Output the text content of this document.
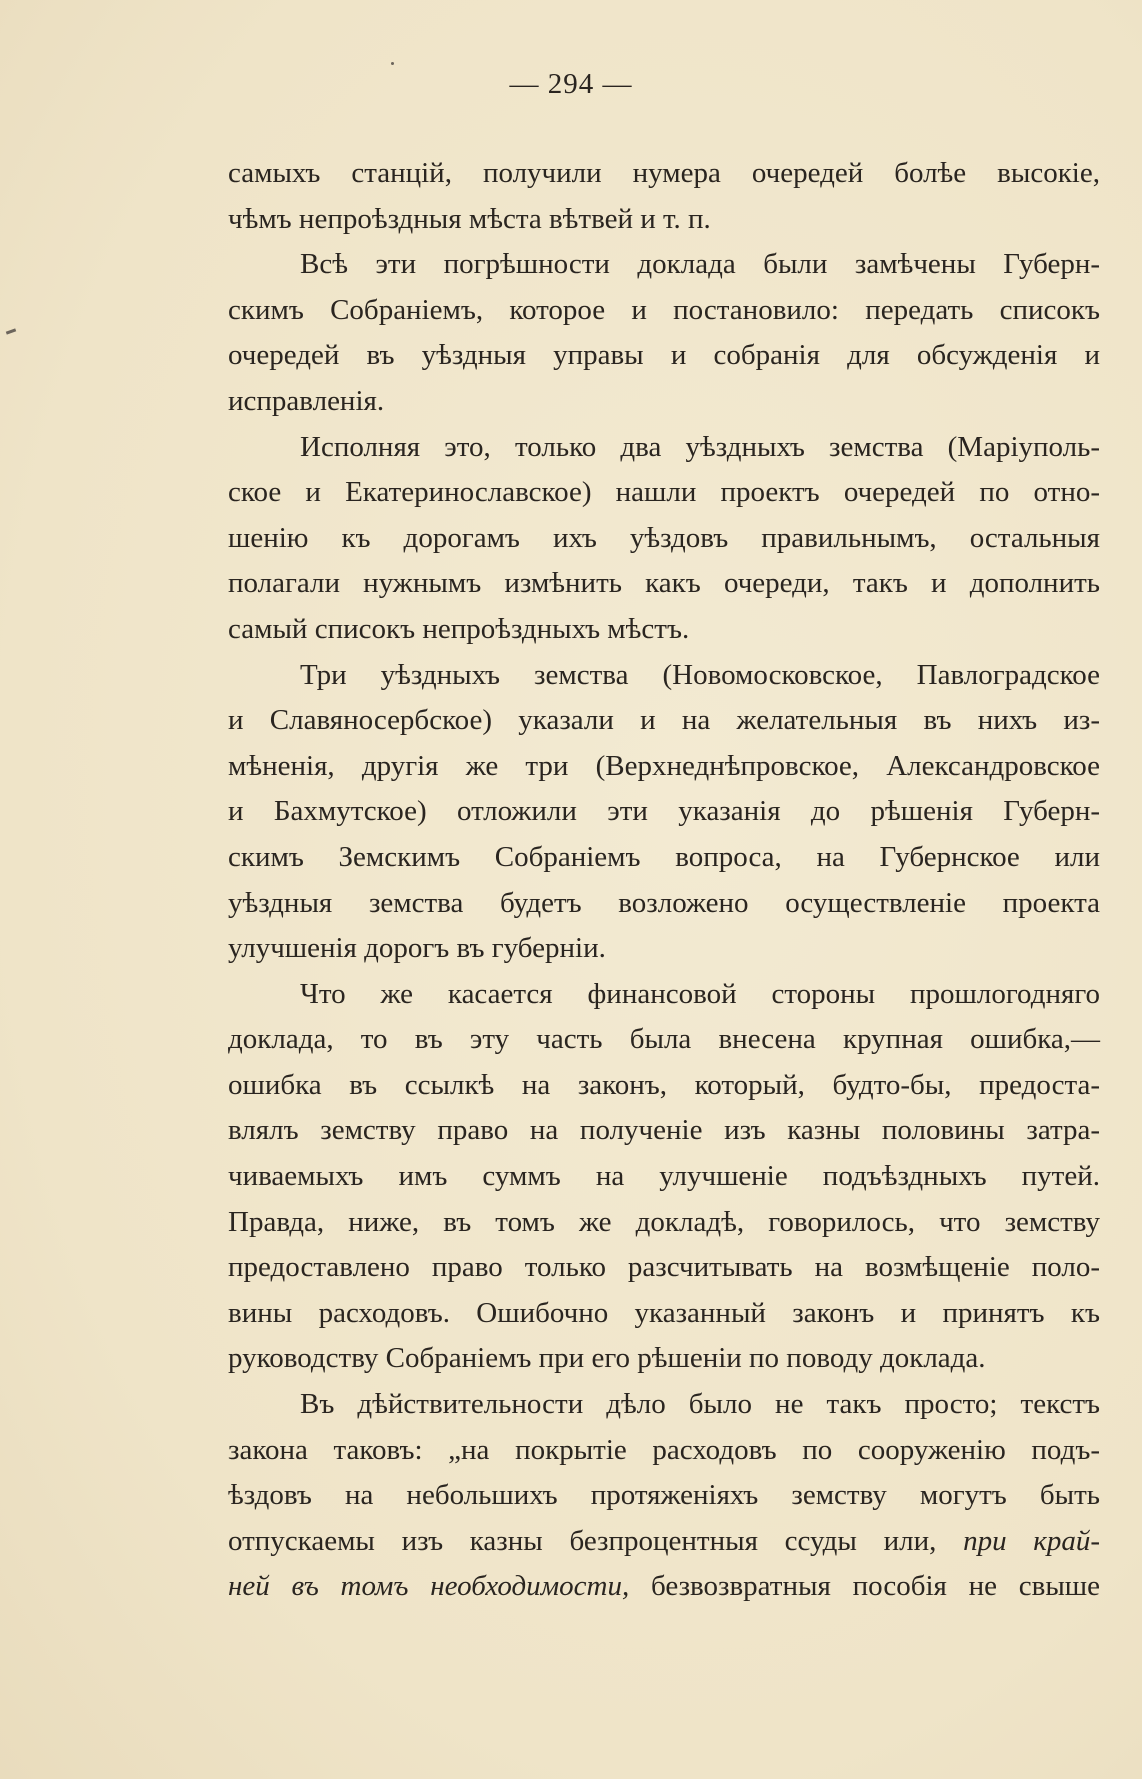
— 294 —
самыхъ станцій, получили нумера очередей болѣе высокіе,
чѣмъ непроѣздныя мѣста вѣтвей и т. п.
Всѣ эти погрѣшности доклада были замѣчены Губерн-
скимъ Собраніемъ, которое и постановило: передать списокъ
очередей въ уѣздныя управы и собранія для обсужденія и
исправленія.
Исполняя это, только два уѣздныхъ земства (Маріуполь-
ское и Екатеринославское) нашли проектъ очередей по отно-
шенію къ дорогамъ ихъ уѣздовъ правильнымъ, остальныя
полагали нужнымъ измѣнить какъ очереди, такъ и дополнить
самый списокъ непроѣздныхъ мѣстъ.
Три уѣздныхъ земства (Новомосковское, Павлоградское
и Славяносербское) указали и на желательныя въ нихъ из-
мѣненія, другія же три (Верхнеднѣпровское, Александровское
и Бахмутское) отложили эти указанія до рѣшенія Губерн-
скимъ Земскимъ Собраніемъ вопроса, на Губернское или
уѣздныя земства будетъ возложено осуществленіе проекта
улучшенія дорогъ въ губерніи.
Что же касается финансовой стороны прошлогодняго
доклада, то въ эту часть была внесена крупная ошибка,—
ошибка въ ссылкѣ на законъ, который, будто-бы, предоста-
влялъ земству право на полученіе изъ казны половины затра-
чиваемыхъ имъ суммъ на улучшеніе подъѣздныхъ путей.
Правда, ниже, въ томъ же докладѣ, говорилось, что земству
предоставлено право только разсчитывать на возмѣщеніе поло-
вины расходовъ. Ошибочно указанный законъ и принятъ къ
руководству Собраніемъ при его рѣшеніи по поводу доклада.
Въ дѣйствительности дѣло было не такъ просто; текстъ
закона таковъ: „на покрытіе расходовъ по сооруженію подъ-
ѣздовъ на небольшихъ протяженіяхъ земству могутъ быть
отпускаемы изъ казны безпроцентныя ссуды или, при край-
ней въ томъ необходимости, безвозвратныя пособія не свыше
